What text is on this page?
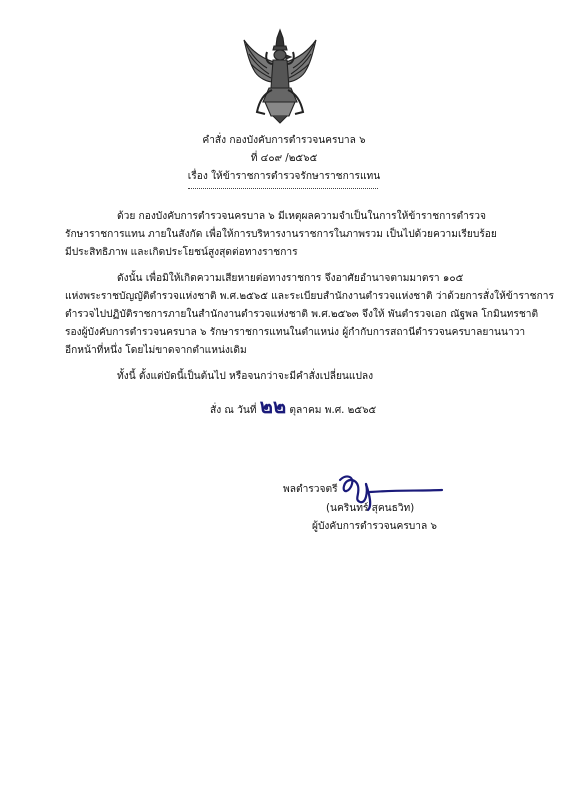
คำสั่ง กองบังคับการตำรวจนครบาล ๖
ที่ ๔๐๙ /๒๕๖๕
เรื่อง ให้ข้าราชการตำรวจรักษาราชการแทน
ด้วย กองบังคับการตำรวจนครบาล ๖ มีเหตุผลความจำเป็นในการให้ข้าราชการตำรวจ
รักษาราชการแทน ภายในสังกัด เพื่อให้การบริหารงานราชการในภาพรวม เป็นไปด้วยความเรียบร้อย
มีประสิทธิภาพ และเกิดประโยชน์สูงสุดต่อทางราชการ
ดังนั้น เพื่อมิให้เกิดความเสียหายต่อทางราชการ จึงอาศัยอำนาจตามมาตรา ๑๐๕
แห่งพระราชบัญญัติตำรวจแห่งชาติ พ.ศ.๒๕๖๕ และระเบียบสำนักงานตำรวจแห่งชาติ ว่าด้วยการสั่งให้ข้าราชการ
ตำรวจไปปฏิบัติราชการภายในสำนักงานตำรวจแห่งชาติ พ.ศ.๒๕๖๓ จึงให้ พันตำรวจเอก ณัฐพล โกมินทรชาติ
รองผู้บังคับการตำรวจนครบาล ๖ รักษาราชการแทนในตำแหน่ง ผู้กำกับการสถานีตำรวจนครบาลยานนาวา
อีกหน้าที่หนึ่ง โดยไม่ขาดจากตำแหน่งเดิม
ทั้งนี้ ตั้งแต่บัดนี้เป็นต้นไป หรือจนกว่าจะมีคำสั่งเปลี่ยนแปลง
สั่ง ณ วันที่ ๒๒ ตุลาคม พ.ศ. ๒๕๖๕
พลตำรวจตรี
(นครินทร์ สุคนธวิท)
ผู้บังคับการตำรวจนครบาล ๖
